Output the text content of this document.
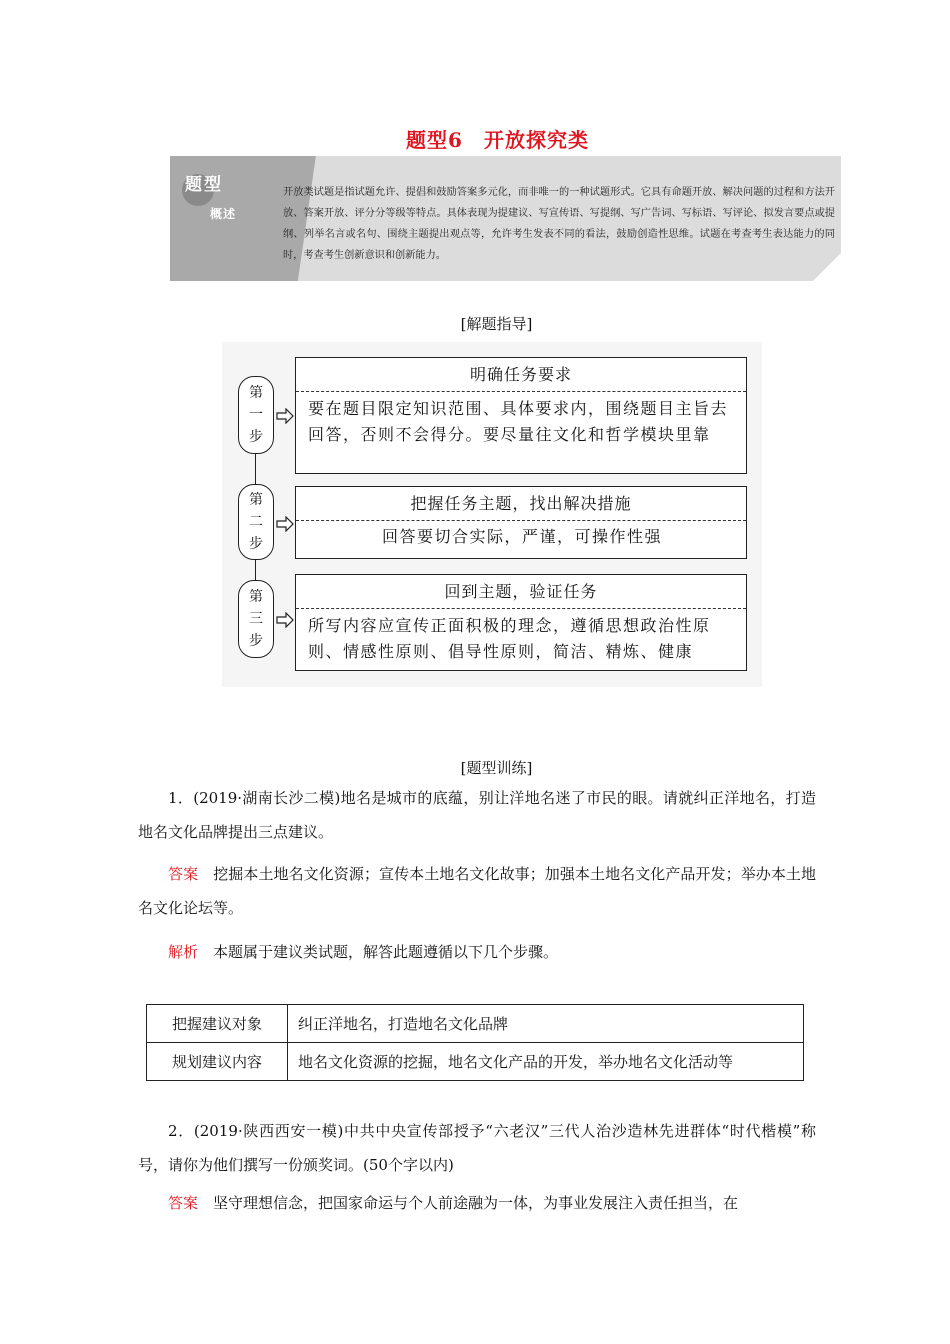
题型6　开放探究类
题型
概述
开放类试题是指试题允许、提倡和鼓励答案多元化，而非唯一的一种试题形式。它具有命题开放、解决问题的过程和方法开放、答案开放、评分分等级等特点。具体表现为提建议、写宣传语、写提纲、写广告词、写标语、写评论、拟发言要点或提纲、列举名言或名句、围绕主题提出观点等，允许考生发表不同的看法，鼓励创造性思维。试题在考查考生表达能力的同时，考查考生创新意识和创新能力。
[解题指导]
第
一
步
明确任务要求
要在题目限定知识范围、具体要求内，围绕题目主旨去回答，否则不会得分。要尽量往文化和哲学模块里靠
第
二
步
把握任务主题，找出解决措施
回答要切合实际，严谨，可操作性强
第
三
步
回到主题，验证任务
所写内容应宣传正面积极的理念，遵循思想政治性原则、情感性原则、倡导性原则，简洁、精炼、健康
[题型训练]
1．(2019·湖南长沙二模)地名是城市的底蕴，别让洋地名迷了市民的眼。请就纠正洋地名，打造地名文化品牌提出三点建议。
答案　 挖掘本土地名文化资源；宣传本土地名文化故事；加强本土地名文化产品开发；举办本土地名文化论坛等。
解析　 本题属于建议类试题，解答此题遵循以下几个步骤。
把握建议对象	纠正洋地名，打造地名文化品牌
规划建议内容	地名文化资源的挖掘，地名文化产品的开发，举办地名文化活动等
2．(2019·陕西西安一模)中共中央宣传部授予“六老汉”三代人治沙造林先进群体“时代楷模”称号，请你为他们撰写一份颁奖词。(50个字以内)
答案　 坚守理想信念，把国家命运与个人前途融为一体，为事业发展注入责任担当，在
